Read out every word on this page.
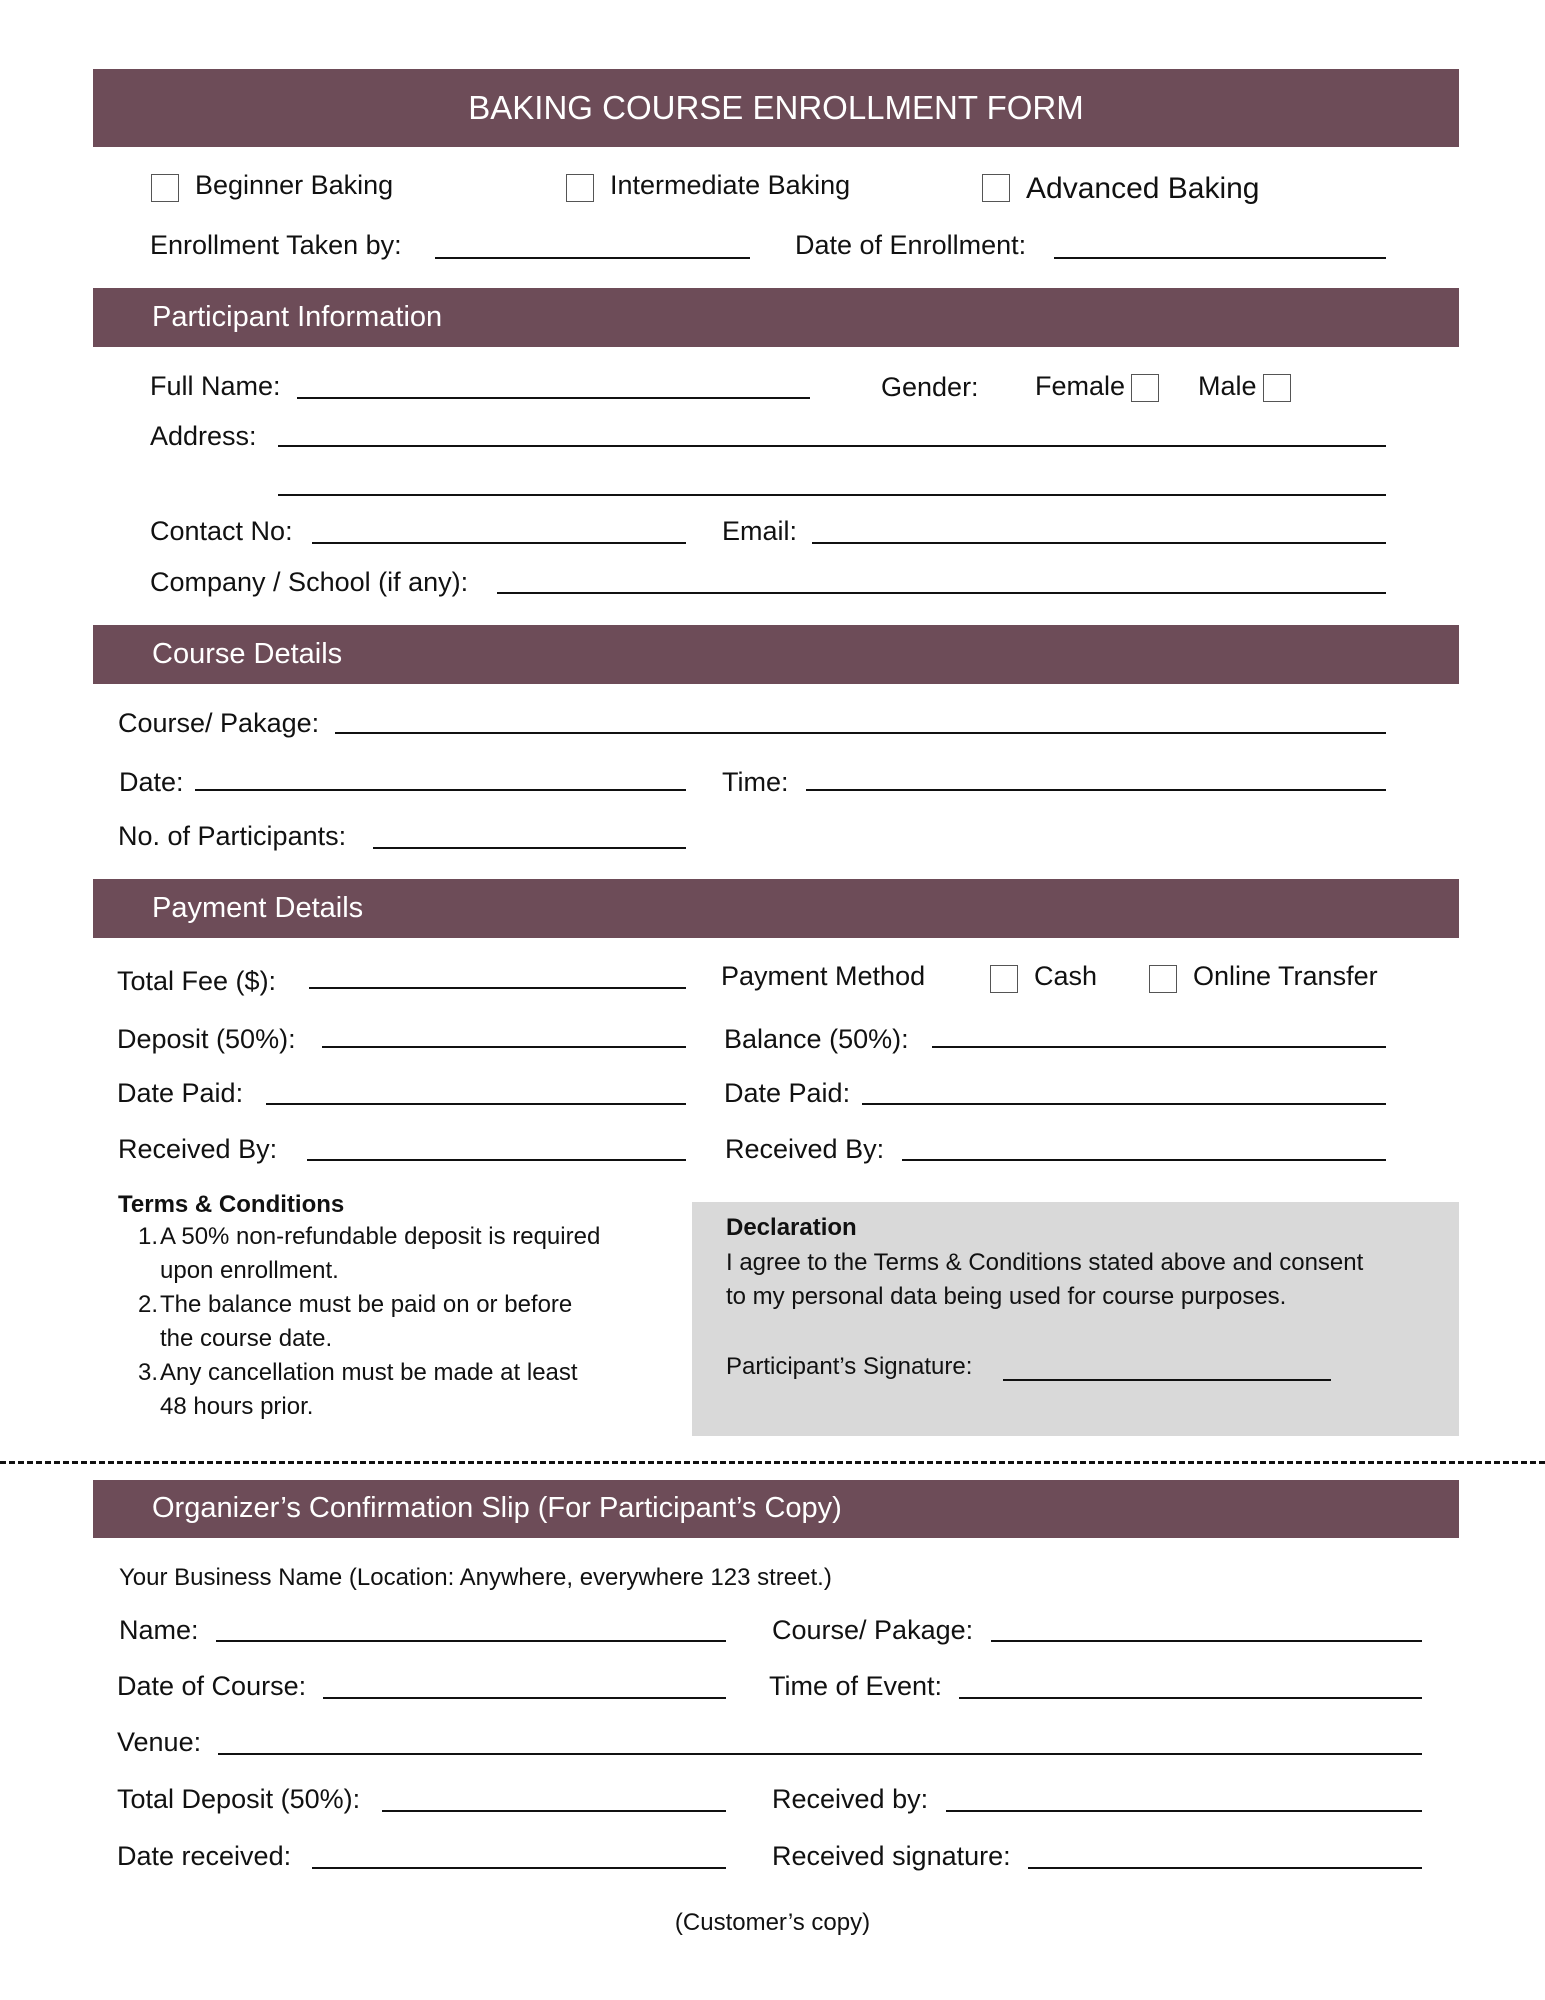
BAKING COURSE ENROLLMENT FORM
Beginner Baking	Intermediate Baking	Advanced Baking
Enrollment Taken by:	Date of Enrollment:
Participant Information
Full Name:	Gender: Female	Male
Address:
Contact No:	Email:
Company / School (if any):
Course Details
Course/ Pakage:
Date:	Time:
No. of Participants:
Payment Details
Total Fee ($):	Payment Method	Cash	Online Transfer
Deposit (50%):	Balance (50%):
Date Paid:	Date Paid:
Received By:	Received By:
Terms & Conditions
1. A 50% non-refundable deposit is required
upon enrollment.
2. The balance must be paid on or before
the course date.
3. Any cancellation must be made at least
48 hours prior.
Declaration
I agree to the Terms & Conditions stated above and consent
to my personal data being used for course purposes.
Participant’s Signature:
Organizer’s Confirmation Slip (For Participant’s Copy)
Your Business Name (Location: Anywhere, everywhere 123 street.)
Name:	Course/ Pakage:
Date of Course:	Time of Event:
Venue:
Total Deposit (50%):	Received by:
Date received:	Received signature:
(Customer’s copy)
